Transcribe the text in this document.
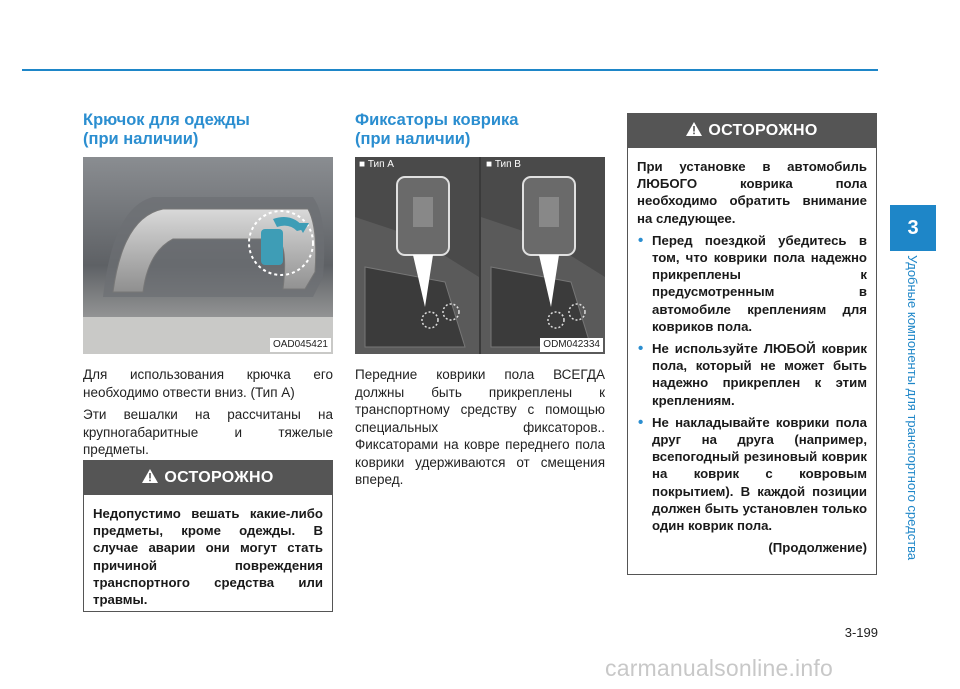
Крючок для одежды
(при наличии)
OAD045421

Для использования крючка его необходимо отвести вниз. (Тип А)

Эти вешалки на рассчитаны на крупногабаритные и тяжелые предметы.

ОСТОРОЖНО

Недопустимо вешать какие-либо предметы, кроме одежды. В случае аварии они могут стать причиной повреждения транспортного средства или травмы.

Фиксаторы коврика
(при наличии)
■ Тип A	■ Тип B
ODM042334

Передние коврики пола ВСЕГДА должны быть прикреплены к транспортному средству с помощью специальных фиксаторов.. Фиксаторами на ковре переднего пола коврики удерживаются от смещения вперед.

ОСТОРОЖНО

При установке в автомобиль ЛЮБОГО коврика пола необходимо обратить внимание на следующее.

• Перед поездкой убедитесь в том, что коврики пола надежно прикреплены к предусмотренным в автомобиле креплениям для ковриков пола.
• Не используйте ЛЮБОЙ коврик пола, который не может быть надежно прикреплен к этим креплениям.
• Не накладывайте коврики пола друг на друга (например, всепогодный резиновый коврик на коврик с ковровым покрытием). В каждой позиции должен быть установлен только один коврик пола.
(Продолжение)
3
Удобные компоненты для транспортного средства
3-199
carmanualsonline.info
